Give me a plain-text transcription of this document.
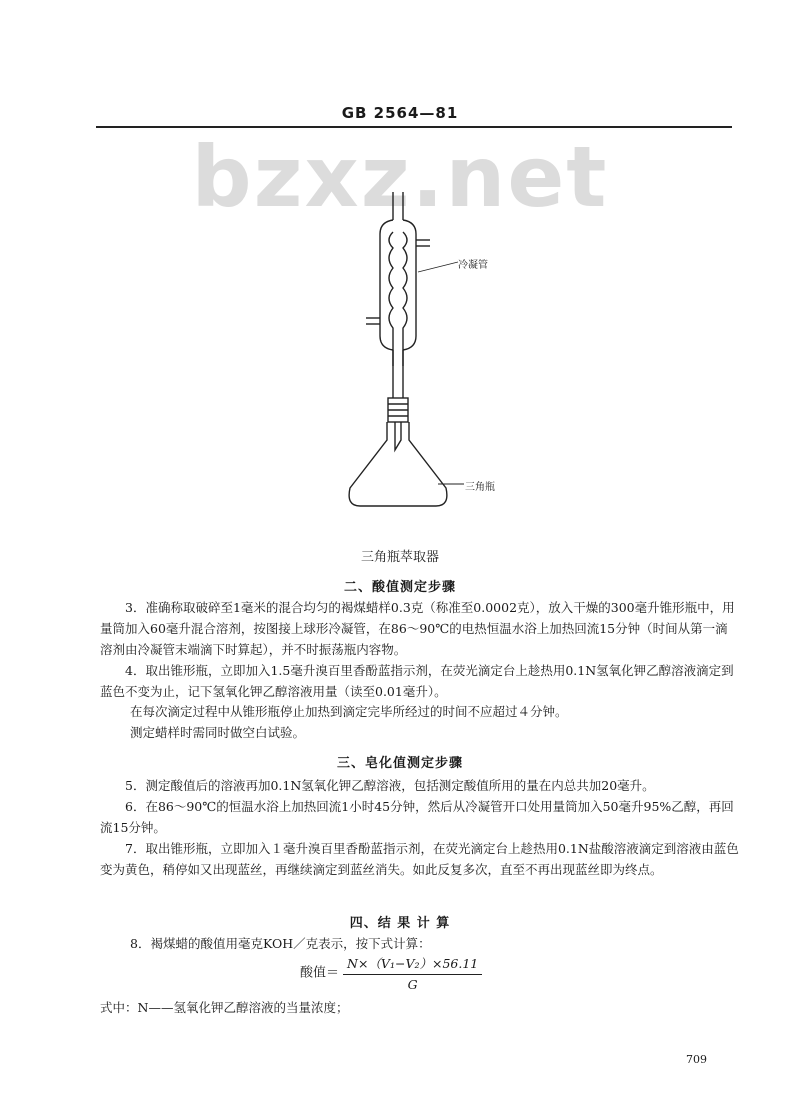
GB 2564—81
bzxz.net
冷凝管
三角瓶
三角瓶萃取器
二、酸值测定步骤
3．准确称取破碎至1毫米的混合均匀的褐煤蜡样0.3克（称准至0.0002克），放入干燥的300毫升锥形瓶中，用量筒加入60毫升混合溶剂，按图接上球形冷凝管，在86～90℃的电热恒温水浴上加热回流15分钟（时间从第一滴溶剂由冷凝管末端滴下时算起），并不时振荡瓶内容物。
4．取出锥形瓶，立即加入1.5毫升溴百里香酚蓝指示剂，在荧光滴定台上趁热用0.1N氢氧化钾乙醇溶液滴定到蓝色不变为止，记下氢氧化钾乙醇溶液用量（读至0.01毫升）。
在每次滴定过程中从锥形瓶停止加热到滴定完毕所经过的时间不应超过４分钟。
测定蜡样时需同时做空白试验。
三、皂化值测定步骤
5．测定酸值后的溶液再加0.1N氢氧化钾乙醇溶液，包括测定酸值所用的量在内总共加20毫升。
6．在86～90℃的恒温水浴上加热回流1小时45分钟，然后从冷凝管开口处用量筒加入50毫升95%乙醇，再回流15分钟。
7．取出锥形瓶，立即加入１毫升溴百里香酚蓝指示剂，在荧光滴定台上趁热用0.1N盐酸溶液滴定到溶液由蓝色变为黄色，稍停如又出现蓝丝，再继续滴定到蓝丝消失。如此反复多次，直至不再出现蓝丝即为终点。
四、结 果 计 算
8．褐煤蜡的酸值用毫克KOH／克表示，按下式计算：
酸值＝ $\frac{\text{N×（V₁−V₂）×56.11}}{G}$
式中：N——氢氧化钾乙醇溶液的当量浓度；
709
